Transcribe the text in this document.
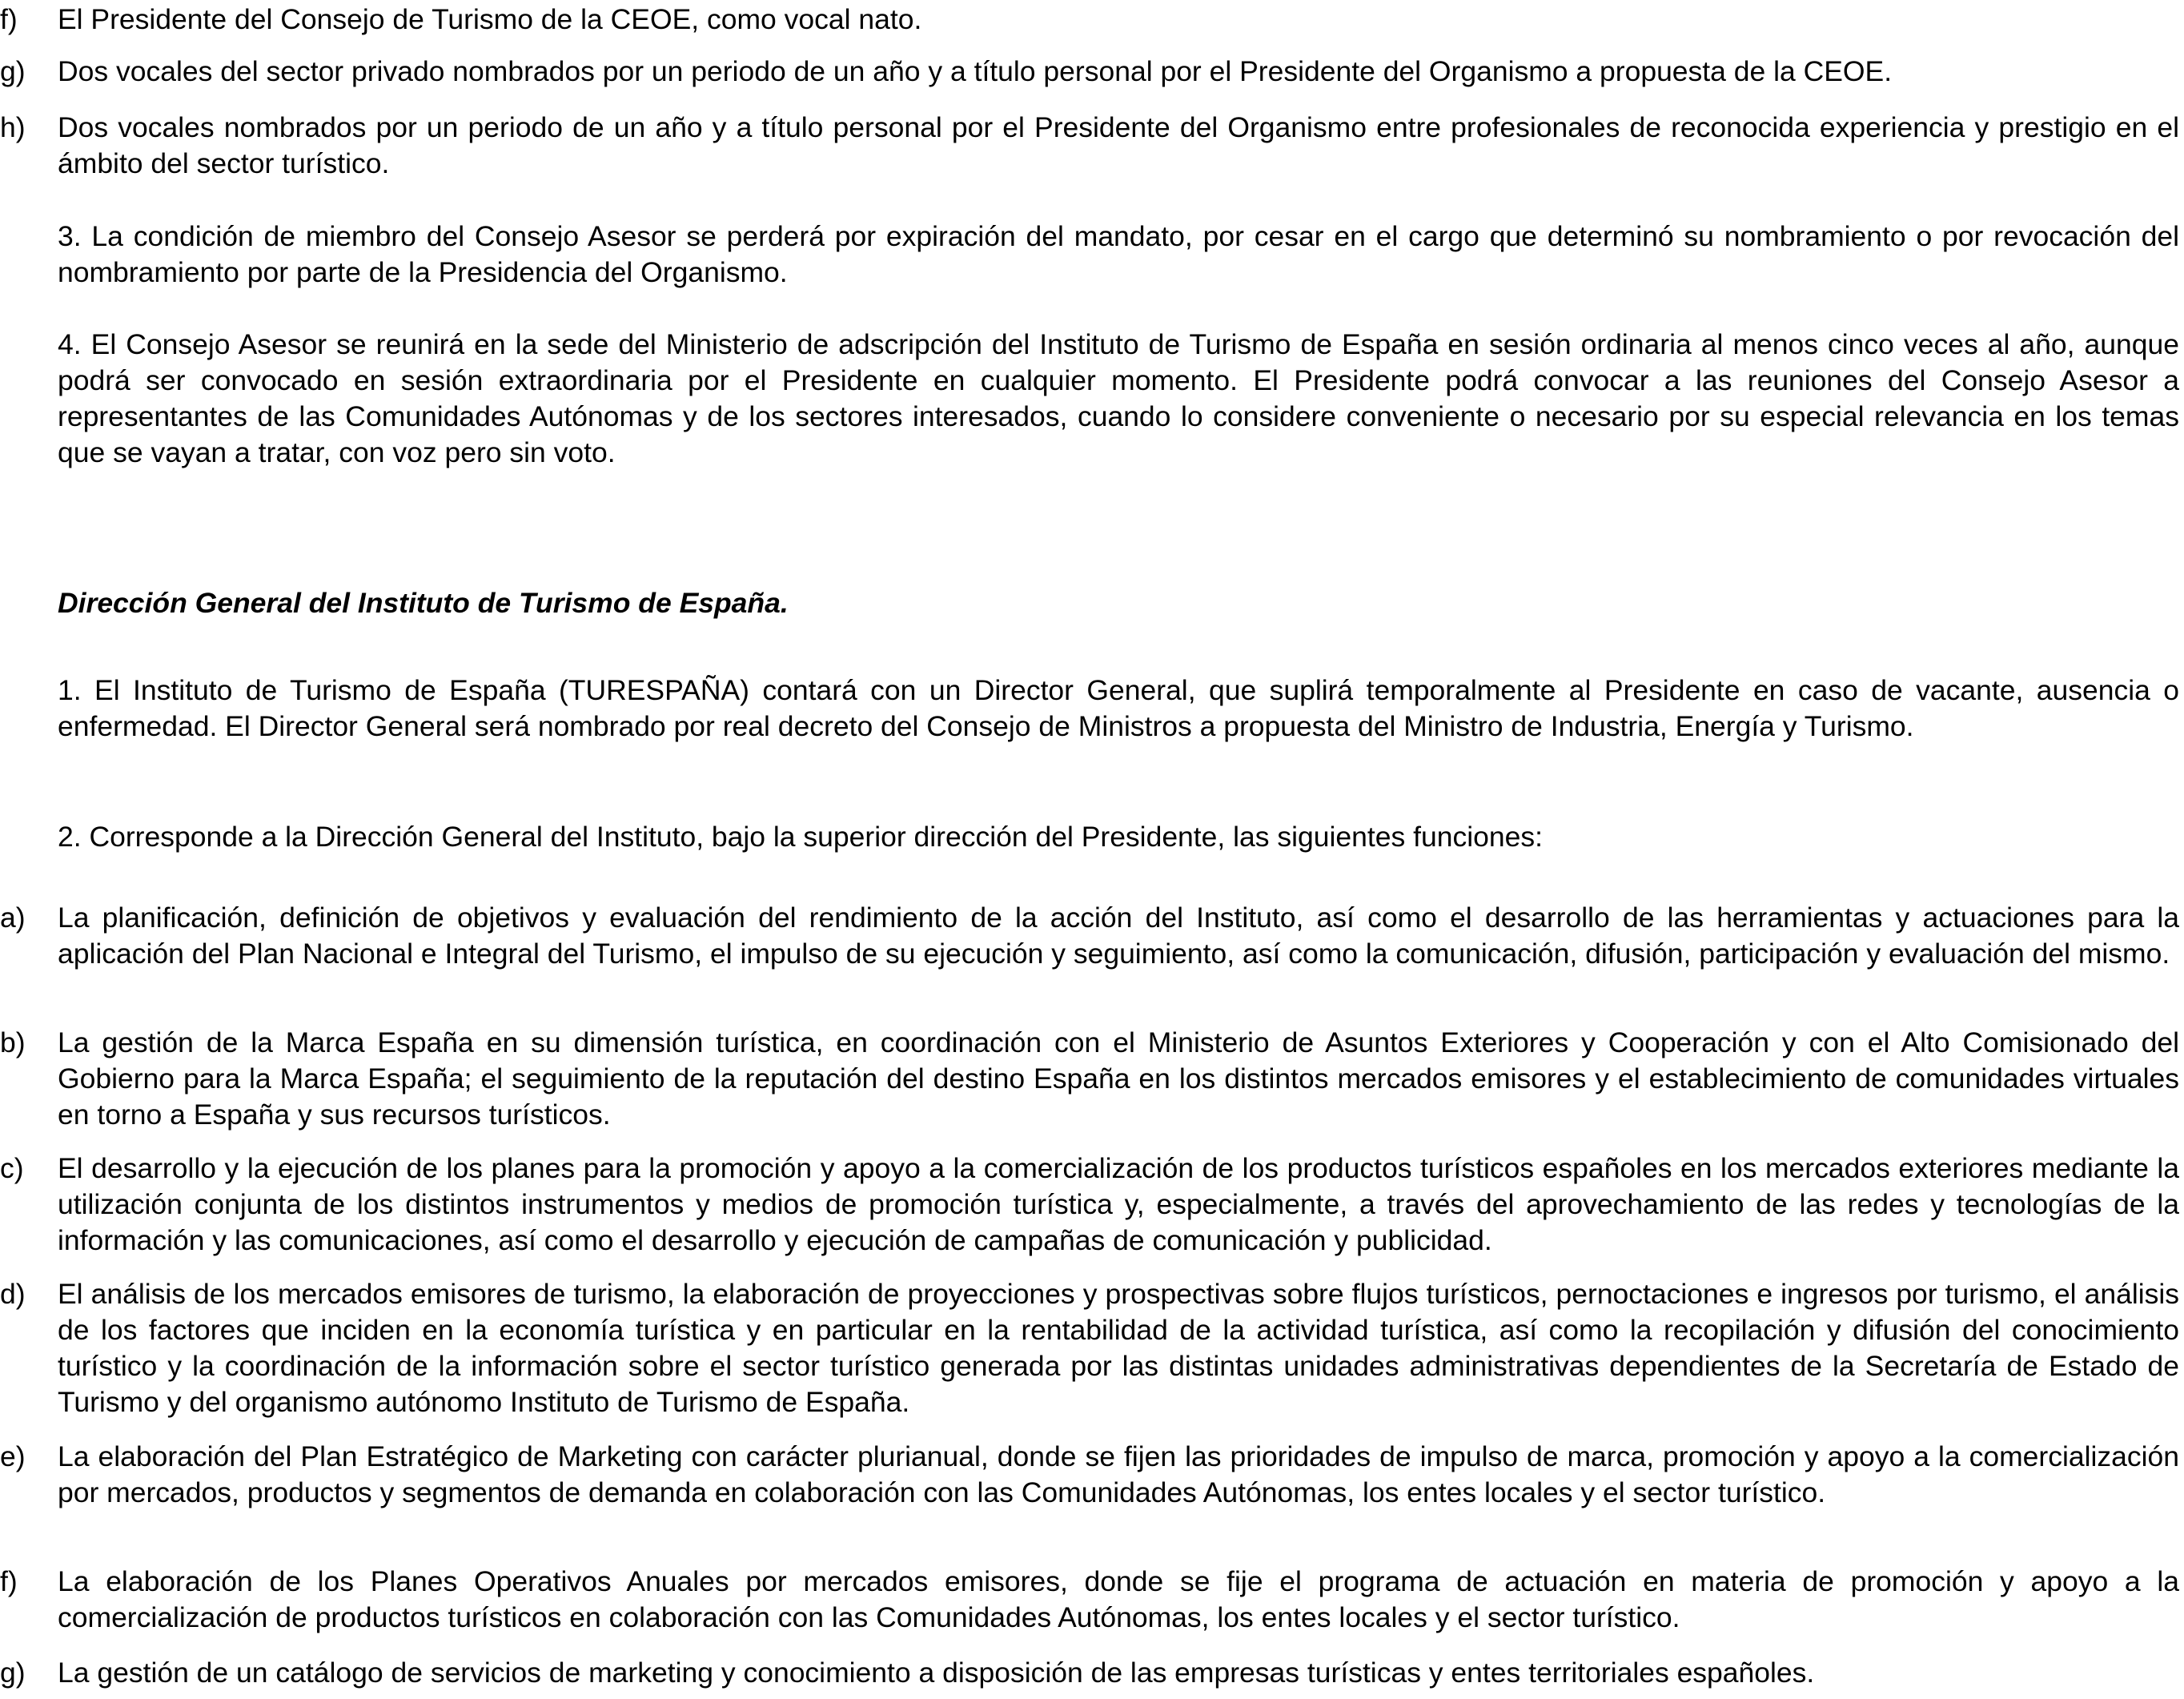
f) El Presidente del Consejo de Turismo de la CEOE, como vocal nato.
g) Dos vocales del sector privado nombrados por un periodo de un año y a título personal por el Presidente del Organismo a propuesta de la CEOE.
h) Dos vocales nombrados por un periodo de un año y a título personal por el Presidente del Organismo entre profesionales de reconocida experiencia y prestigio en el ámbito del sector turístico.
3. La condición de miembro del Consejo Asesor se perderá por expiración del mandato, por cesar en el cargo que determinó su nombramiento o por revocación del nombramiento por parte de la Presidencia del Organismo.
4. El Consejo Asesor se reunirá en la sede del Ministerio de adscripción del Instituto de Turismo de España en sesión ordinaria al menos cinco veces al año, aunque podrá ser convocado en sesión extraordinaria por el Presidente en cualquier momento. El Presidente podrá convocar a las reuniones del Consejo Asesor a representantes de las Comunidades Autónomas y de los sectores interesados, cuando lo considere conveniente o necesario por su especial relevancia en los temas que se vayan a tratar, con voz pero sin voto.
Dirección General del Instituto de Turismo de España.
1. El Instituto de Turismo de España (TURESPAÑA) contará con un Director General, que suplirá temporalmente al Presidente en caso de vacante, ausencia o enfermedad. El Director General será nombrado por real decreto del Consejo de Ministros a propuesta del Ministro de Industria, Energía y Turismo.
2. Corresponde a la Dirección General del Instituto, bajo la superior dirección del Presidente, las siguientes funciones:
a) La planificación, definición de objetivos y evaluación del rendimiento de la acción del Instituto, así como el desarrollo de las herramientas y actuaciones para la aplicación del Plan Nacional e Integral del Turismo, el impulso de su ejecución y seguimiento, así como la comunicación, difusión, participación y evaluación del mismo.
b) La gestión de la Marca España en su dimensión turística, en coordinación con el Ministerio de Asuntos Exteriores y Cooperación y con el Alto Comisionado del Gobierno para la Marca España; el seguimiento de la reputación del destino España en los distintos mercados emisores y el establecimiento de comunidades virtuales en torno a España y sus recursos turísticos.
c) El desarrollo y la ejecución de los planes para la promoción y apoyo a la comercialización de los productos turísticos españoles en los mercados exteriores mediante la utilización conjunta de los distintos instrumentos y medios de promoción turística y, especialmente, a través del aprovechamiento de las redes y tecnologías de la información y las comunicaciones, así como el desarrollo y ejecución de campañas de comunicación y publicidad.
d) El análisis de los mercados emisores de turismo, la elaboración de proyecciones y prospectivas sobre flujos turísticos, pernoctaciones e ingresos por turismo, el análisis de los factores que inciden en la economía turística y en particular en la rentabilidad de la actividad turística, así como la recopilación y difusión del conocimiento turístico y la coordinación de la información sobre el sector turístico generada por las distintas unidades administrativas dependientes de la Secretaría de Estado de Turismo y del organismo autónomo Instituto de Turismo de España.
e) La elaboración del Plan Estratégico de Marketing con carácter plurianual, donde se fijen las prioridades de impulso de marca, promoción y apoyo a la comercialización por mercados, productos y segmentos de demanda en colaboración con las Comunidades Autónomas, los entes locales y el sector turístico.
f) La elaboración de los Planes Operativos Anuales por mercados emisores, donde se fije el programa de actuación en materia de promoción y apoyo a la comercialización de productos turísticos en colaboración con las Comunidades Autónomas, los entes locales y el sector turístico.
g) La gestión de un catálogo de servicios de marketing y conocimiento a disposición de las empresas turísticas y entes territoriales españoles.
